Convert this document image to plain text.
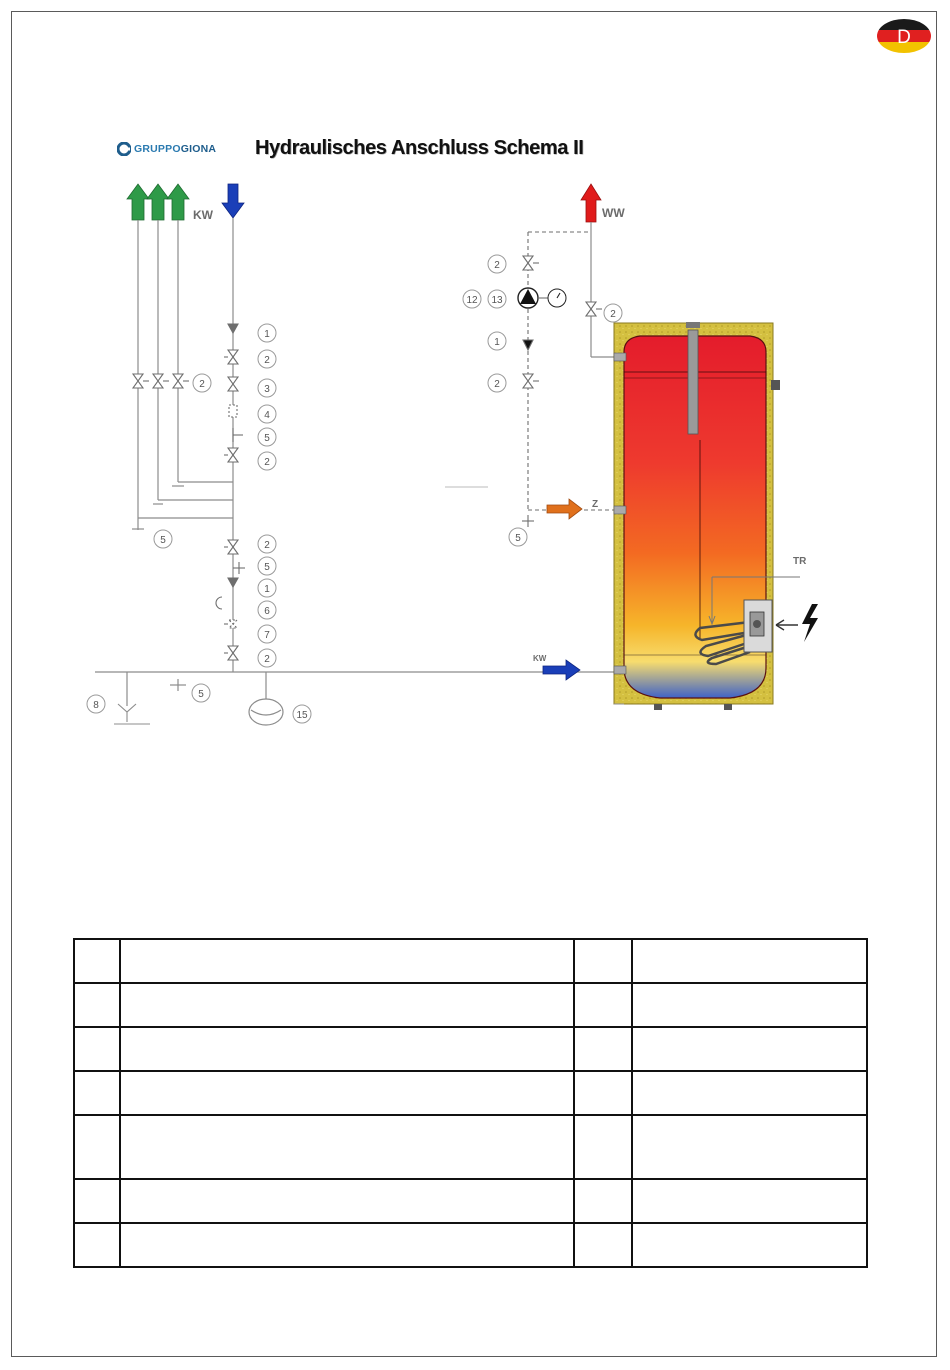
D
GRUPPOGIONA Hydraulisches Anschluss Schema II
KW
2
1
2
3
4
5
2
5	2
5
1
6
7
2
8
5
15
WW
2
2
12 13
1
2
5
Z
KW
TR
